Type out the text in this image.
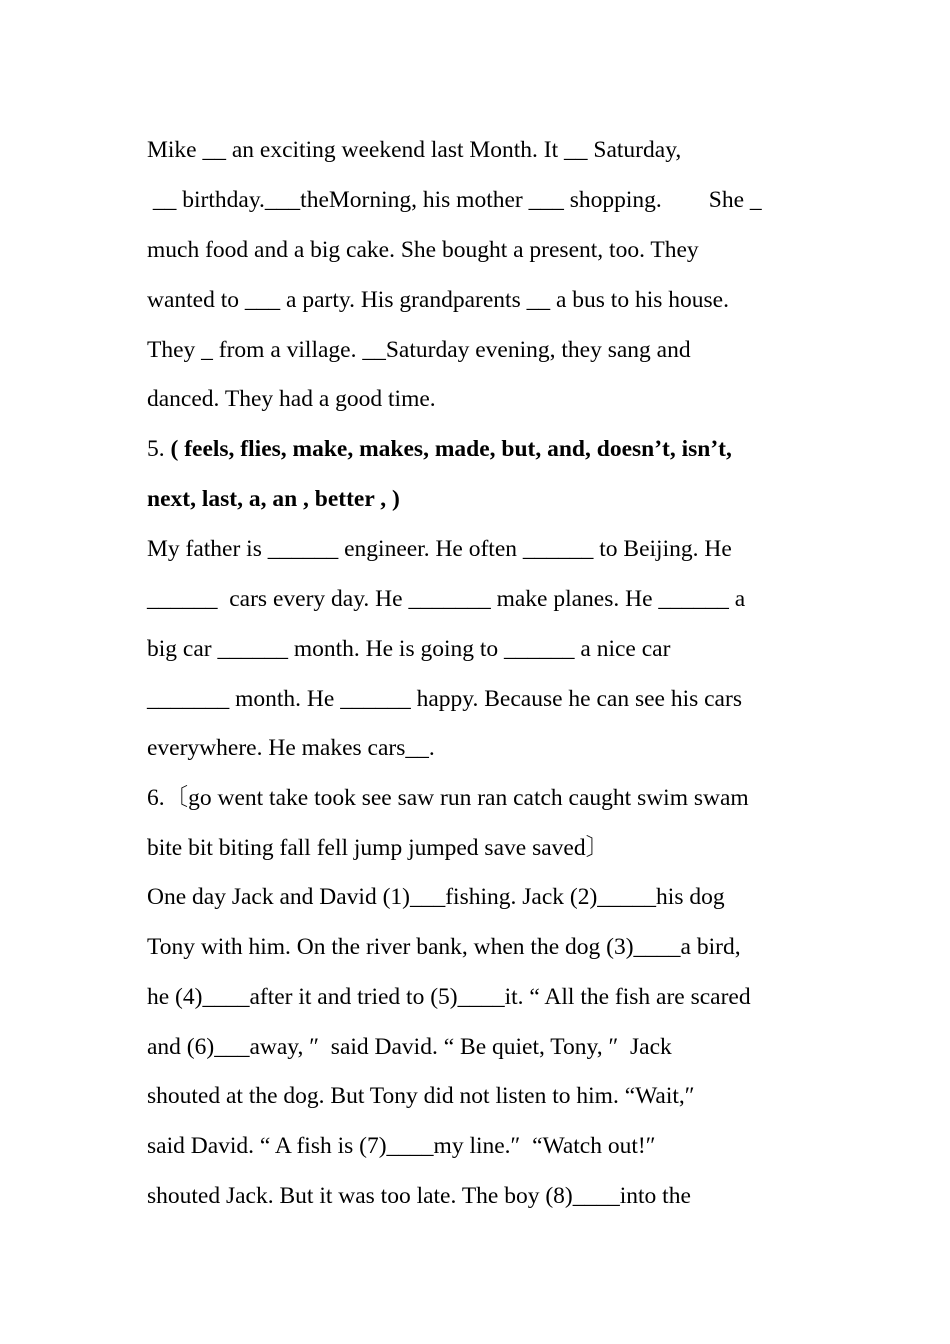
Mike __ an exciting weekend last Month. It __ Saturday,
__ birthday.___theMorning, his mother ___ shopping.        She _
much food and a big cake. She bought a present, too. They
wanted to ___ a party. His grandparents __ a bus to his house.
They _ from a village. __Saturday evening, they sang and
danced. They had a good time.
5. ( feels, flies, make, makes, made, but, and, doesn’t, isn’t,
next, last, a, an , better , )
My father is ______ engineer. He often ______ to Beijing. He
______  cars every day. He _______ make planes. He ______ a
big car ______ month. He is going to ______ a nice car
_______ month. He ______ happy. Because he can see his cars
everywhere. He makes cars__.
6.〔go went take took see saw run ran catch caught swim swam
bite bit biting fall fell jump jumped save saved〕
One day Jack and David (1)___fishing. Jack (2)_____his dog
Tony with him. On the river bank, when the dog (3)____a bird,
he (4)____after it and tried to (5)____it. “ All the fish are scared
and (6)___away, ″  said David. “ Be quiet, Tony, ″  Jack
shouted at the dog. But Tony did not listen to him. “Wait,″
said David. “ A fish is (7)____my line.″  “Watch out!″
shouted Jack. But it was too late. The boy (8)____into the
